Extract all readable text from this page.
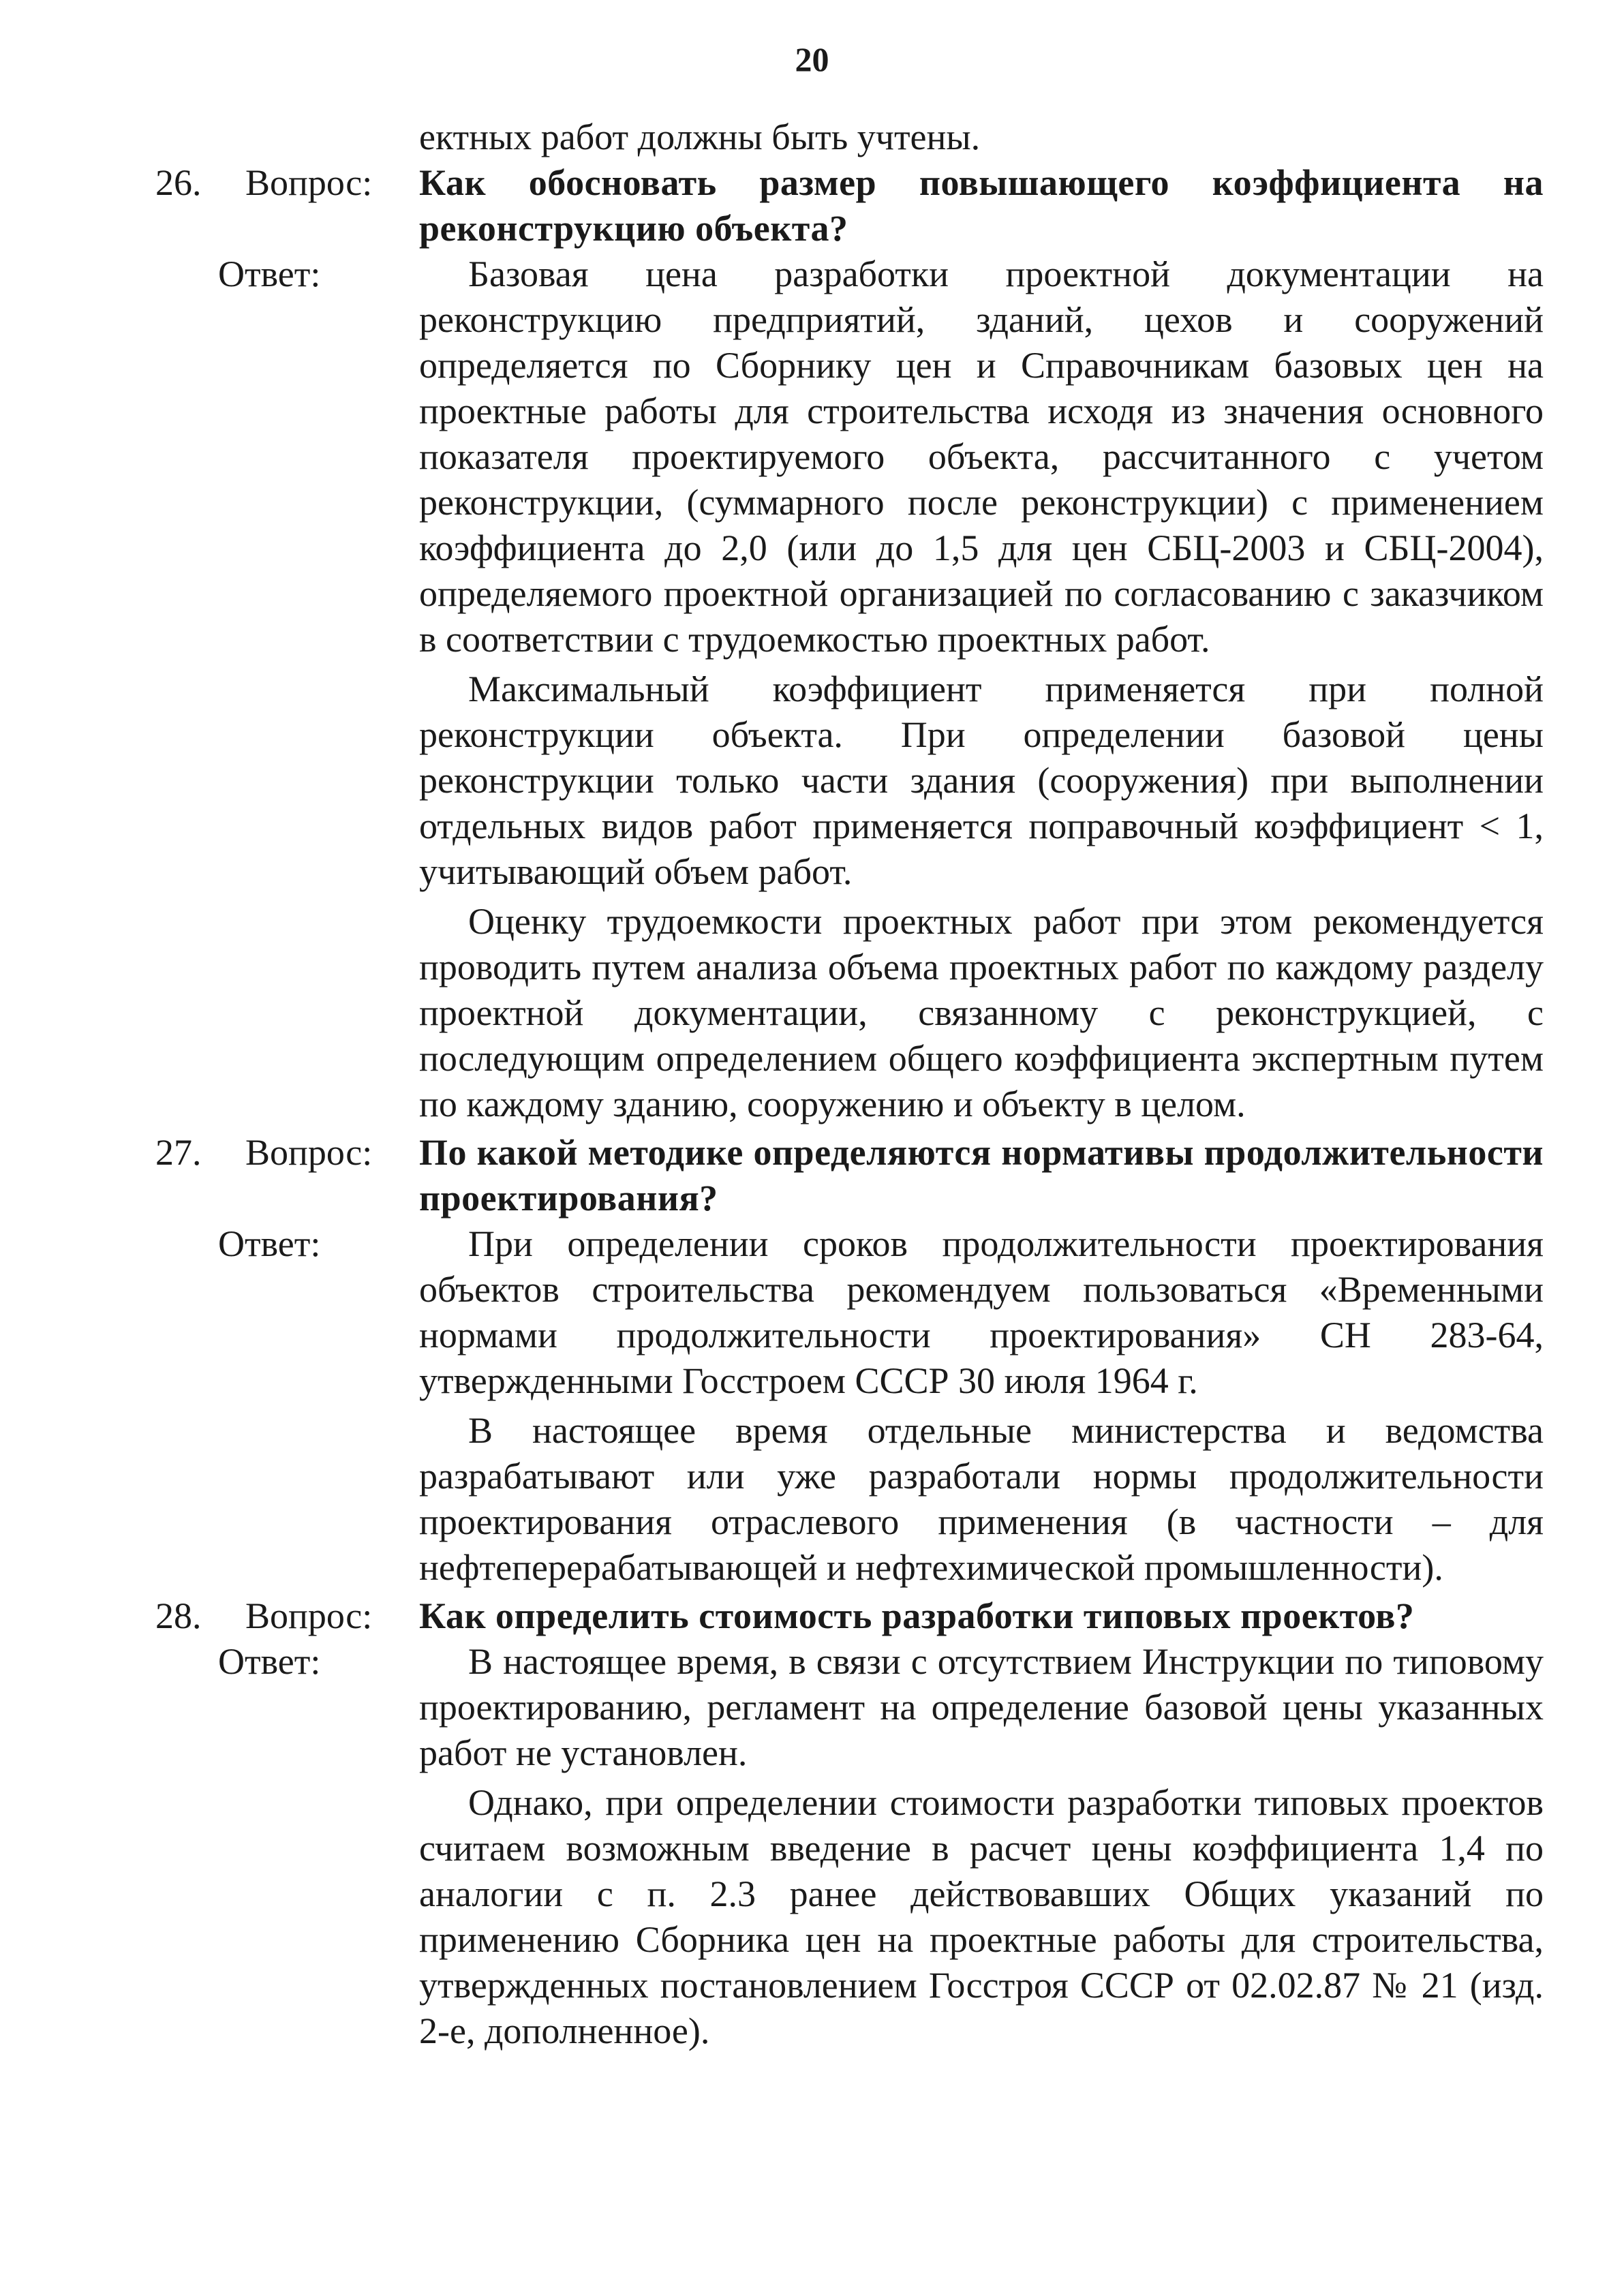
20
ектных работ должны быть учтены.
26. Вопрос: Как обосновать размер повышающего коэффициента на реконструкцию объекта?
Ответ:	Базовая цена разработки проектной документации на реконструкцию предприятий, зданий, цехов и сооружений определяется по Сборнику цен и Справочникам базовых цен на проектные работы для строительства исходя из значения основного показателя проектируемого объекта, рассчитанного с учетом реконструкции, (суммарного после реконструкции) с применением коэффициента до 2,0 (или до 1,5 для цен СБЦ-2003 и СБЦ-2004), определяемого проектной организацией по согласованию с заказчиком в соответствии с трудоемкостью проектных работ.

Максимальный коэффициент применяется при полной реконструкции объекта. При определении базовой цены реконструкции только части здания (сооружения) при выполнении отдельных видов работ применяется поправочный коэффициент < 1, учитывающий объем работ.

Оценку трудоемкости проектных работ при этом рекомендуется проводить путем анализа объема проектных работ по каждому разделу проектной документации, связанному с реконструкцией, с последующим определением общего коэффициента экспертным путем по каждому зданию, сооружению и объекту в целом.

27. Вопрос: По какой методике определяются нормативы продолжительности проектирования?
Ответ:	При определении сроков продолжительности проектирования объектов строительства рекомендуем пользоваться «Временными нормами продолжительности проектирования» СН 283-64, утвержденными Госстроем СССР 30 июля 1964 г.

В настоящее время отдельные министерства и ведомства разрабатывают или уже разработали нормы продолжительности проектирования отраслевого применения (в частности – для нефтеперерабатывающей и нефтехимической промышленности).

28. Вопрос: Как определить стоимость разработки типовых проектов?
Ответ:	В настоящее время, в связи с отсутствием Инструкции по типовому проектированию, регламент на определение базовой цены указанных работ не установлен.

Однако, при определении стоимости разработки типовых проектов считаем возможным введение в расчет цены коэффициента 1,4 по аналогии с п. 2.3 ранее действовавших Общих указаний по применению Сборника цен на проектные работы для строительства, утвержденных постановлением Госстроя СССР от 02.02.87 № 21 (изд. 2-е, дополненное).
